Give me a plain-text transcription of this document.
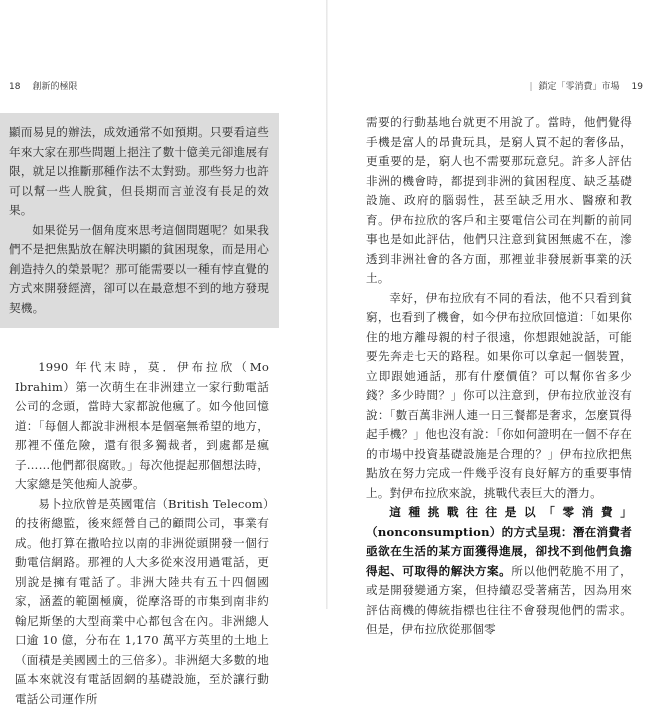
18 創新的極限	| 鎖定「零消費」市場 19

顯而易見的辦法，成效通常不如預期。只要看這些年來大家在那些問題上挹注了數十億美元卻進展有限，就足以推斷那種作法不太對勁。那些努力也許可以幫一些人脫貧，但長期而言並沒有長足的效果。

如果從另一個角度來思考這個問題呢？如果我們不是把焦點放在解決明顯的貧困現象，而是用心創造持久的榮景呢？那可能需要以一種有悖直覺的方式來開發經濟，卻可以在最意想不到的地方發現契機。

1990 年代末時，莫．伊布拉欣（Mo Ibrahim）第一次萌生在非洲建立一家行動電話公司的念頭，當時大家都說他瘋了。如今他回憶道：「每個人都說非洲根本是個毫無希望的地方，那裡不僅危險，還有很多獨裁者，到處都是瘋子……他們都很腐敗。」每次他提起那個想法時，大家總是笑他痴人說夢。

易卜拉欣曾是英國電信（British Telecom）的技術總監，後來經營自己的顧問公司，事業有成。他打算在撒哈拉以南的非洲從頭開發一個行動電信網路。那裡的人大多從來沒用過電話，更別說是擁有電話了。非洲大陸共有五十四個國家，涵蓋的範圍極廣，從摩洛哥的市集到南非約翰尼斯堡的大型商業中心都包含在內。非洲總人口逾 10 億，分布在 1,170 萬平方英里的土地上（面積是美國國土的三倍多）。非洲絕大多數的地區本來就沒有電話固網的基礎設施，至於讓行動電話公司運作所

需要的行動基地台就更不用說了。當時，他們覺得手機是富人的昂貴玩具，是窮人買不起的奢侈品，更重要的是，窮人也不需要那玩意兒。許多人評估非洲的機會時，都提到非洲的貧困程度、缺乏基礎設施、政府的腦弱性，甚至缺乏用水、醫療和教育。伊布拉欣的客戶和主要電信公司在判斷的前同事也是如此評估，他們只注意到貧困無處不在，滲透到非洲社會的各方面，那裡並非發展新事業的沃土。

幸好，伊布拉欣有不同的看法，他不只看到貧窮，也看到了機會，如今伊布拉欣回憶道：「如果你住的地方離母親的村子很遠，你想跟她說話，可能要先奔走七天的路程。如果你可以拿起一個裝置，立即跟她通話，那有什麼價值？可以幫你省多少錢？多少時間？」你可以注意到，伊布拉欣並沒有說：「數百萬非洲人連一日三餐都是奢求，怎麼買得起手機？」他也沒有說：「你如何證明在一個不存在的市場中投資基礎設施是合理的？」伊布拉欣把焦點放在努力完成一件幾乎沒有良好解方的重要事情上。對伊布拉欣來說，挑戰代表巨大的潛力。

這種挑戰往往是以「零消費」（nonconsumption）的方式呈現：潛在消費者亟欲在生活的某方面獲得進展，卻找不到他們負擔得起、可取得的解決方案。所以他們乾脆不用了，或是開發變通方案，但持續忍受著痛苦，因為用來評估商機的傳統指標也往往不會發現他們的需求。但是，伊布拉欣從那個零
